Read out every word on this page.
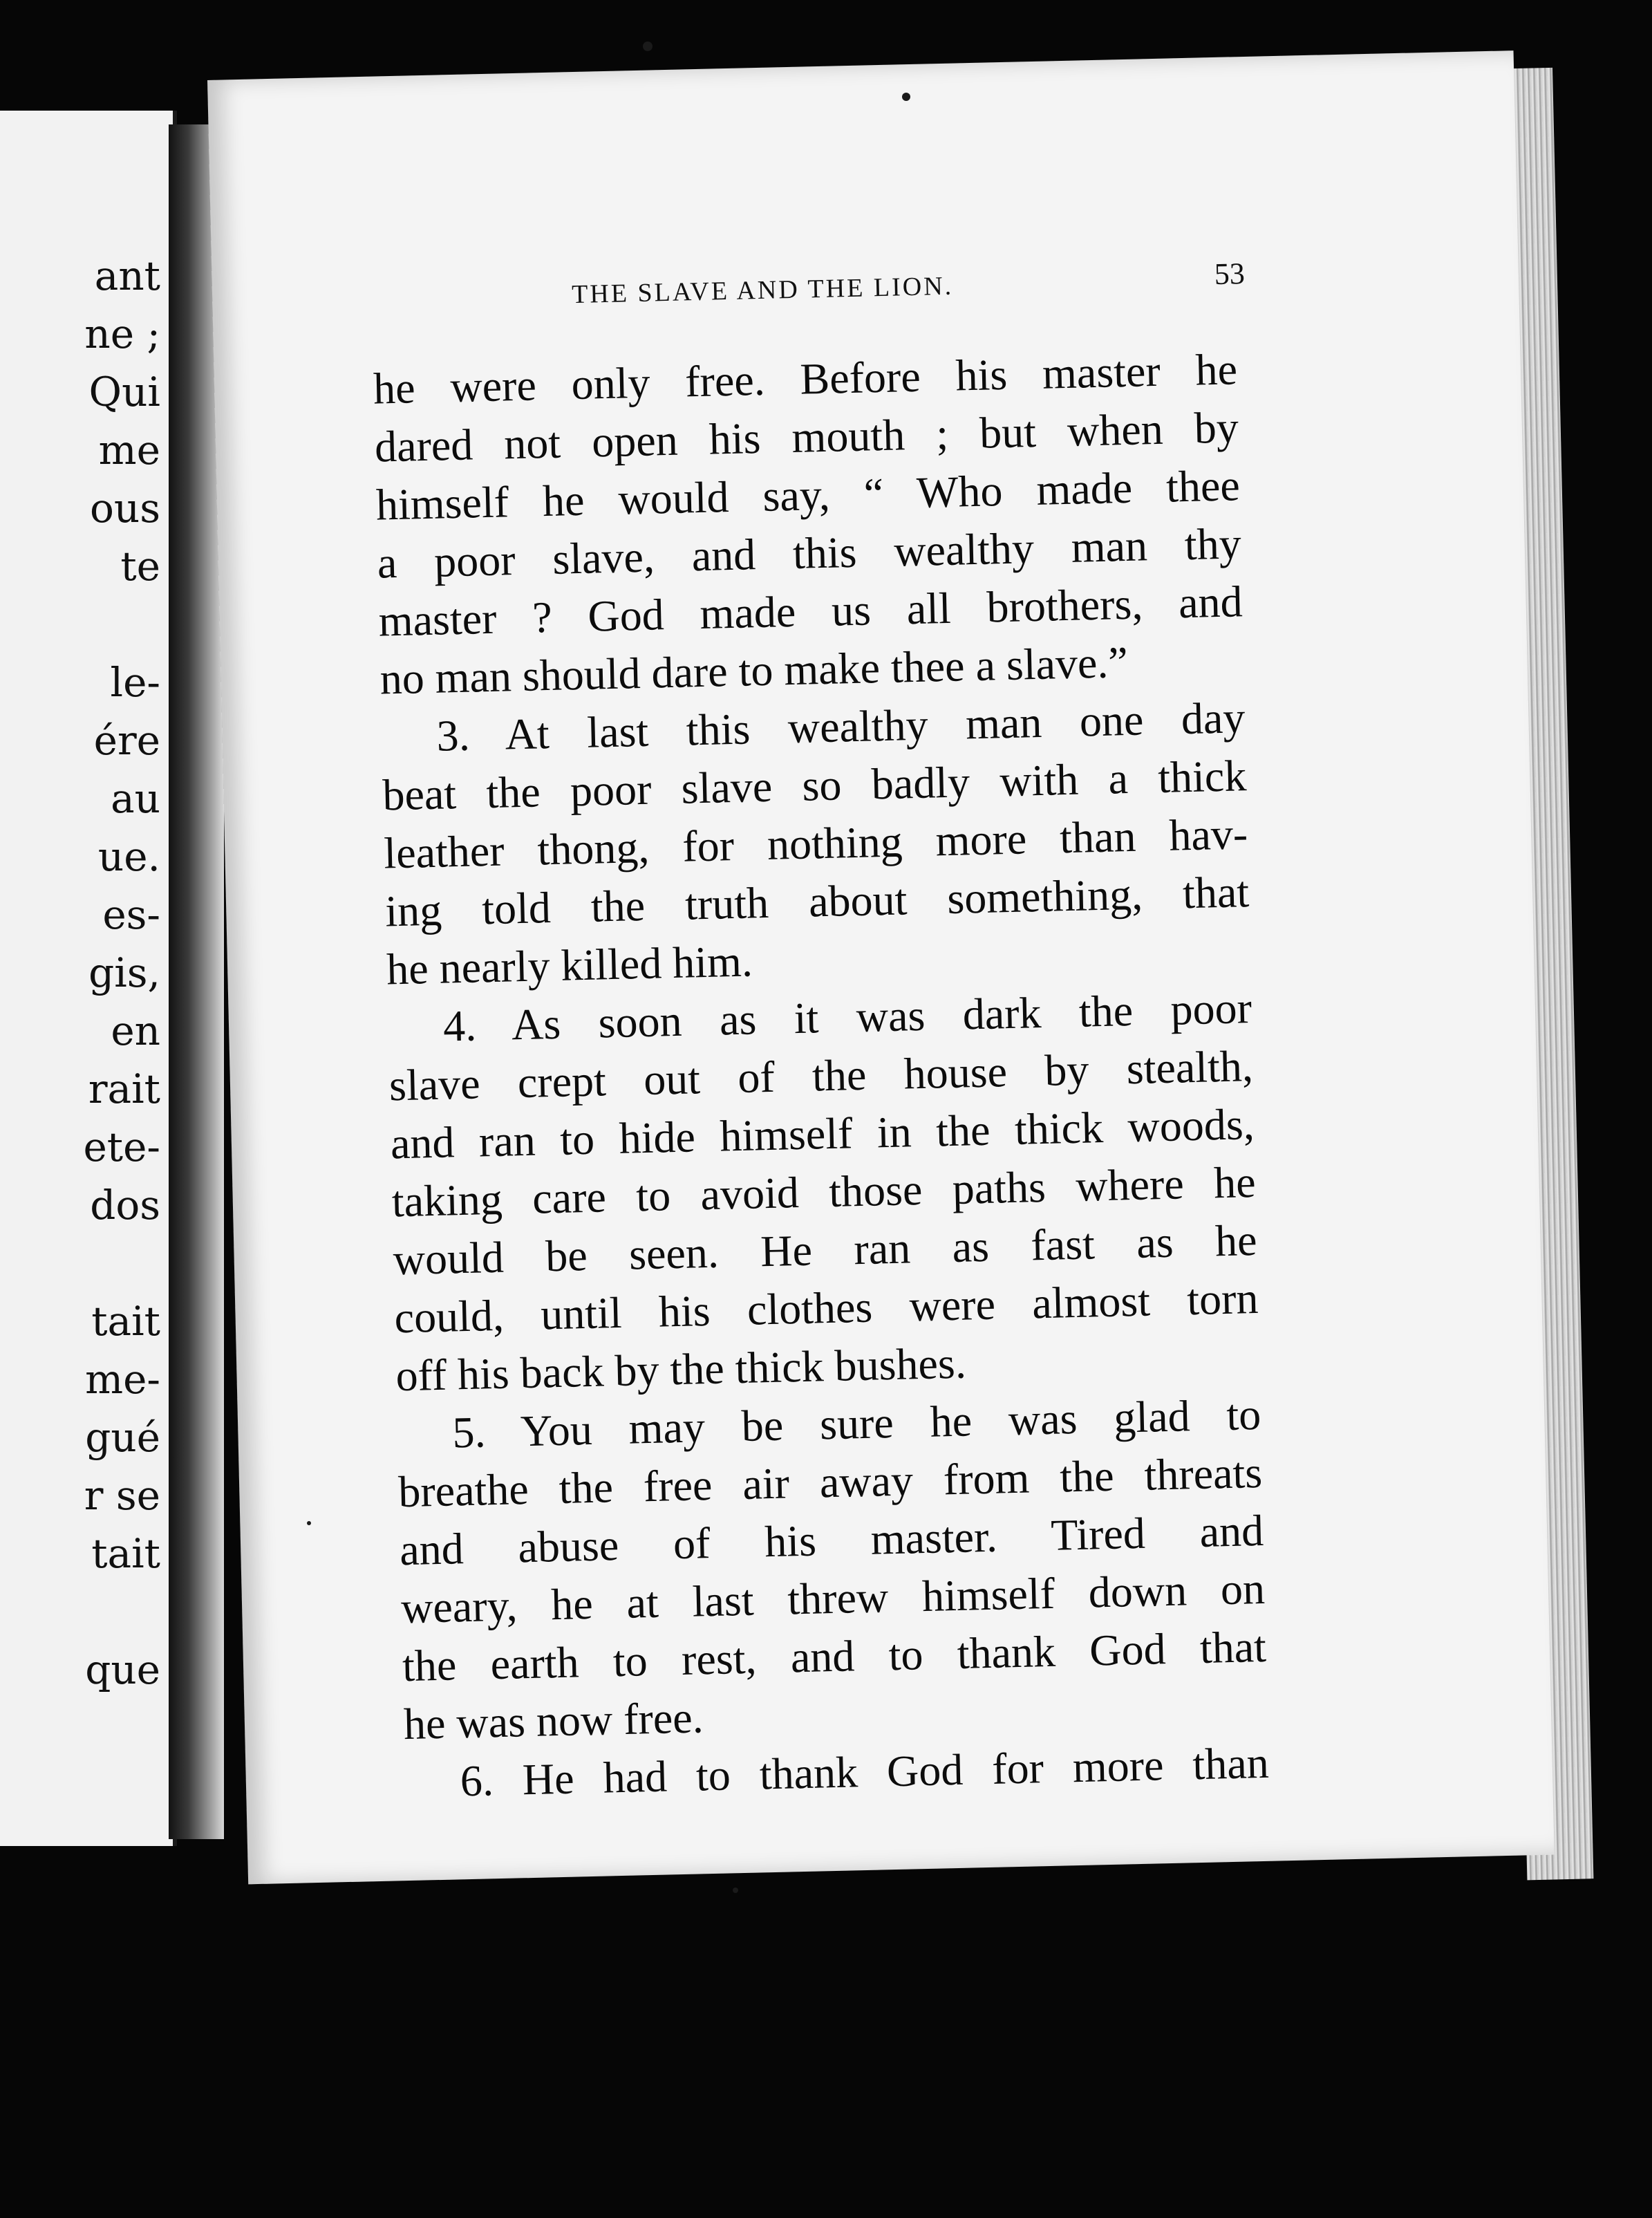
ant
ne ;
Qui
me
ous
te
le-
ére
au
ue.
es-
gis,
en
rait
ete-
dos
tait
me-
gué
r se
tait
que
THE SLAVE AND THE LION.	53
he were only free. Before his master he
dared not open his mouth ; but when by
himself he would say, “ Who made thee
a poor slave, and this wealthy man thy
master ? God made us all brothers, and
no man should dare to make thee a slave.”
3. At last this wealthy man one day
beat the poor slave so badly with a thick
leather thong, for nothing more than hav-
ing told the truth about something, that
he nearly killed him.
4. As soon as it was dark the poor
slave crept out of the house by stealth,
and ran to hide himself in the thick woods,
taking care to avoid those paths where he
would be seen. He ran as fast as he
could, until his clothes were almost torn
off his back by the thick bushes.
5. You may be sure he was glad to
breathe the free air away from the threats
and abuse of his master. Tired and
weary, he at last threw himself down on
the earth to rest, and to thank God that
he was now free.
6. He had to thank God for more than
